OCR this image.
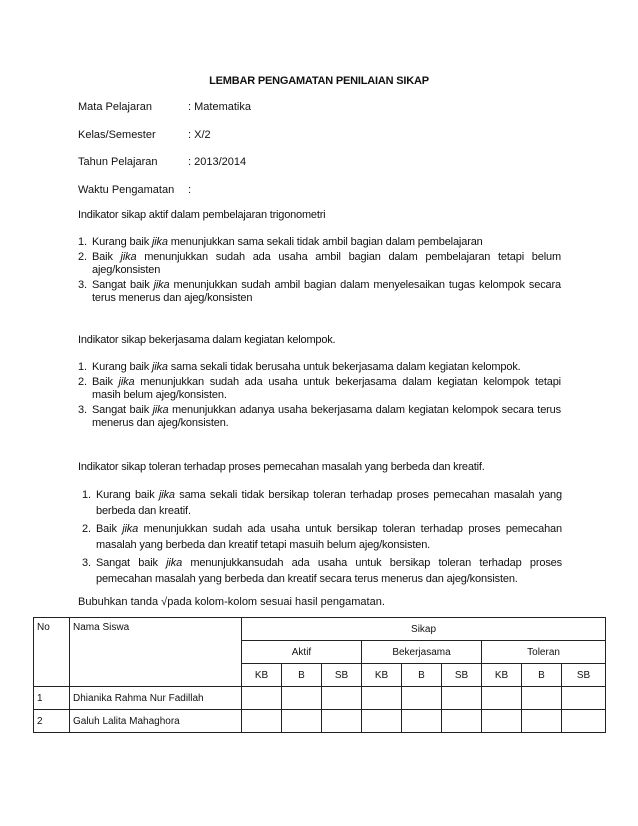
LEMBAR PENGAMATAN PENILAIAN SIKAP
Mata Pelajaran	: Matematika
Kelas/Semester	: X/2
Tahun Pelajaran	: 2013/2014
Waktu Pengamatan :
Indikator sikap aktif dalam pembelajaran trigonometri
1. Kurang baik jika menunjukkan sama sekali tidak ambil bagian dalam pembelajaran
2. Baik jika menunjukkan sudah ada usaha ambil bagian dalam pembelajaran tetapi belum ajeg/konsisten
3. Sangat baik jika menunjukkan sudah ambil bagian dalam menyelesaikan tugas kelompok secara terus menerus dan ajeg/konsisten
Indikator sikap bekerjasama dalam kegiatan kelompok.
1. Kurang baik jika sama sekali tidak berusaha untuk bekerjasama dalam kegiatan kelompok.
2. Baik jika menunjukkan sudah ada usaha untuk bekerjasama dalam kegiatan kelompok tetapi masih belum ajeg/konsisten.
3. Sangat baik jika menunjukkan adanya usaha bekerjasama dalam kegiatan kelompok secara terus menerus dan ajeg/konsisten.
Indikator sikap toleran terhadap proses pemecahan masalah yang berbeda dan kreatif.
1. Kurang baik jika sama sekali tidak bersikap toleran terhadap proses pemecahan masalah yang berbeda dan kreatif.
2. Baik jika menunjukkan sudah ada usaha untuk bersikap toleran terhadap proses pemecahan masalah yang berbeda dan kreatif tetapi masuih belum ajeg/konsisten.
3. Sangat baik jika menunjukkansudah ada usaha untuk bersikap toleran terhadap proses pemecahan masalah yang berbeda dan kreatif secara terus menerus dan ajeg/konsisten.
Bubuhkan tanda √pada kolom-kolom sesuai hasil pengamatan.
No	Nama Siswa	Sikap								
		Aktif			Bekerjasama			Toleran		
		KB	B	SB	KB	B	SB	KB	B	SB
1	Dhianika Rahma Nur Fadillah									
2	Galuh Lalita Mahaghora									
